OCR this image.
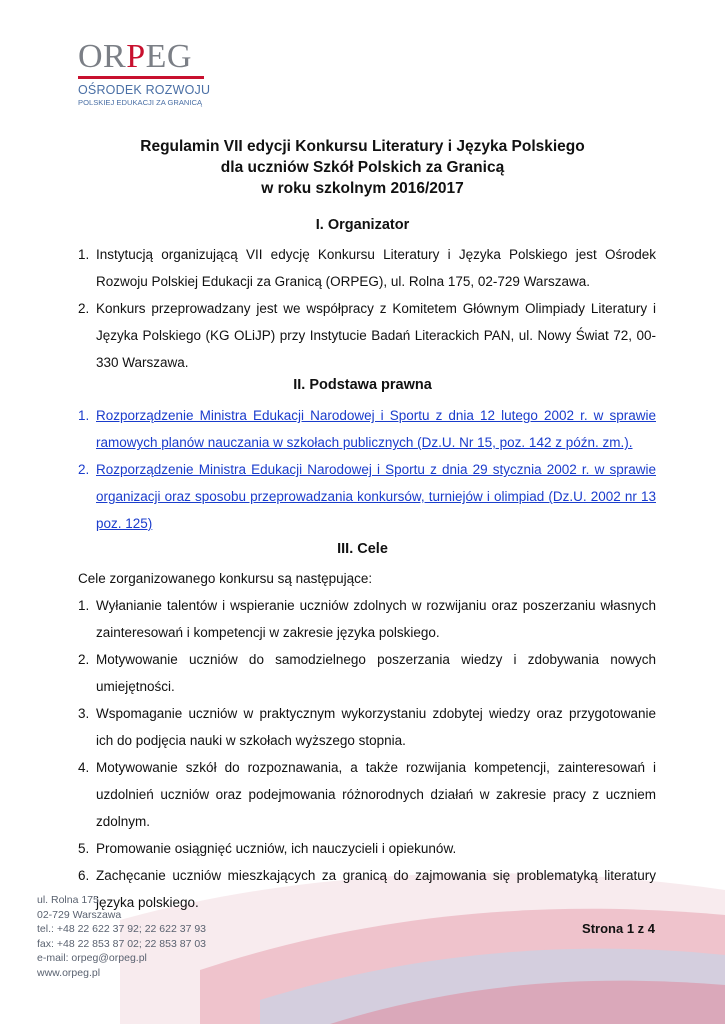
ORPEG
OŚRODEK ROZWOJU
POLSKIEJ EDUKACJI ZA GRANICĄ
Regulamin VII edycji Konkursu Literatury i Języka Polskiego
dla uczniów Szkół Polskich za Granicą
w roku szkolnym 2016/2017
I. Organizator
1. Instytucją organizującą VII edycję Konkursu Literatury i Języka Polskiego jest Ośrodek Rozwoju Polskiej Edukacji za Granicą (ORPEG), ul. Rolna 175, 02-729 Warszawa.
2. Konkurs przeprowadzany jest we współpracy z Komitetem Głównym Olimpiady Literatury i Języka Polskiego (KG OLiJP) przy Instytucie Badań Literackich PAN, ul. Nowy Świat 72, 00-330 Warszawa.
II. Podstawa prawna
1. Rozporządzenie Ministra Edukacji Narodowej i Sportu z dnia 12 lutego 2002 r. w sprawie ramowych planów nauczania w szkołach publicznych (Dz.U. Nr 15, poz. 142 z późn. zm.).
2. Rozporządzenie Ministra Edukacji Narodowej i Sportu z dnia 29 stycznia 2002 r. w sprawie organizacji oraz sposobu przeprowadzania konkursów, turniejów i olimpiad (Dz.U. 2002 nr 13 poz. 125)
III. Cele
Cele zorganizowanego konkursu są następujące:
1. Wyłanianie talentów i wspieranie uczniów zdolnych w rozwijaniu oraz poszerzaniu własnych zainteresowań i kompetencji w zakresie języka polskiego.
2. Motywowanie uczniów do samodzielnego poszerzania wiedzy i zdobywania nowych umiejętności.
3. Wspomaganie uczniów w praktycznym wykorzystaniu zdobytej wiedzy oraz przygotowanie ich do podjęcia nauki w szkołach wyższego stopnia.
4. Motywowanie szkół do rozpoznawania, a także rozwijania kompetencji, zainteresowań i uzdolnień uczniów oraz podejmowania różnorodnych działań w zakresie pracy z uczniem zdolnym.
5. Promowanie osiągnięć uczniów, ich nauczycieli i opiekunów.
6. Zachęcanie uczniów mieszkających za granicą do zajmowania się problematyką literatury języka polskiego.
ul. Rolna 175
02-729 Warszawa
tel.: +48 22 622 37 92; 22 622 37 93
fax: +48 22 853 87 02; 22 853 87 03
e-mail: orpeg@orpeg.pl
www.orpeg.pl
Strona 1 z 4
